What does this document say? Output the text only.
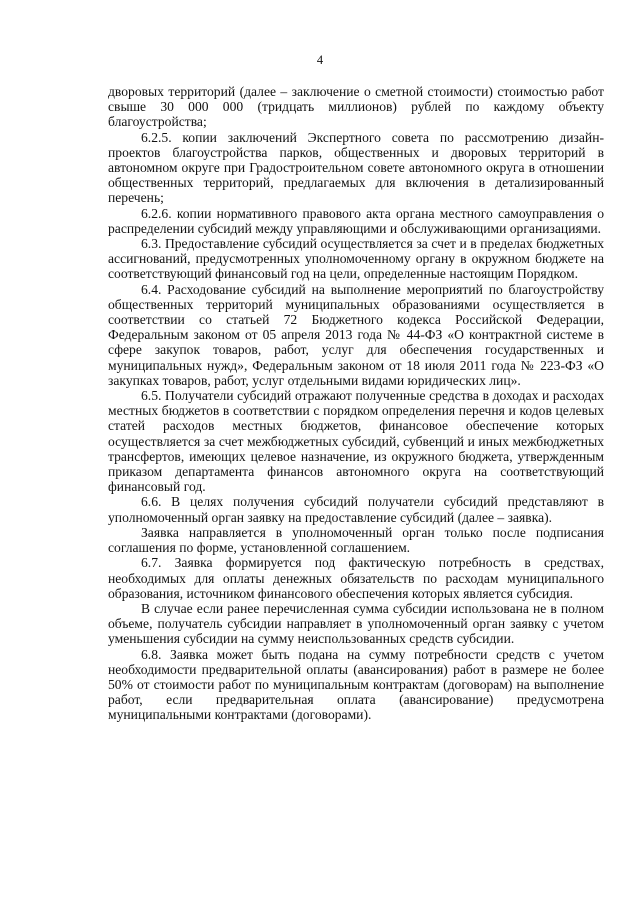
4

дворовых территорий (далее – заключение о сметной стоимости) стоимостью работ свыше 30 000 000 (тридцать миллионов) рублей по каждому объекту благоустройства;

6.2.5. копии заключений Экспертного совета по рассмотрению дизайн-проектов благоустройства парков, общественных и дворовых территорий в автономном округе при Градостроительном совете автономного округа в отношении общественных территорий, предлагаемых для включения в детализированный перечень;

6.2.6. копии нормативного правового акта органа местного самоуправления о распределении субсидий между управляющими и обслуживающими организациями.

6.3. Предоставление субсидий осуществляется за счет и в пределах бюджетных ассигнований, предусмотренных уполномоченному органу в окружном бюджете на соответствующий финансовый год на цели, определенные настоящим Порядком.

6.4. Расходование субсидий на выполнение мероприятий по благоустройству общественных территорий муниципальных образованиями осуществляется в соответствии со статьей 72 Бюджетного кодекса Российской Федерации, Федеральным законом от 05 апреля 2013 года № 44-ФЗ «О контрактной системе в сфере закупок товаров, работ, услуг для обеспечения государственных и муниципальных нужд», Федеральным законом от 18 июля 2011 года № 223-ФЗ «О закупках товаров, работ, услуг отдельными видами юридических лиц».

6.5. Получатели субсидий отражают полученные средства в доходах и расходах местных бюджетов в соответствии с порядком определения перечня и кодов целевых статей расходов местных бюджетов, финансовое обеспечение которых осуществляется за счет межбюджетных субсидий, субвенций и иных межбюджетных трансфертов, имеющих целевое назначение, из окружного бюджета, утвержденным приказом департамента финансов автономного округа на соответствующий финансовый год.

6.6. В целях получения субсидий получатели субсидий представляют в уполномоченный орган заявку на предоставление субсидий (далее – заявка).

Заявка направляется в уполномоченный орган только после подписания соглашения по форме, установленной соглашением.

6.7. Заявка формируется под фактическую потребность в средствах, необходимых для оплаты денежных обязательств по расходам муниципального образования, источником финансового обеспечения которых является субсидия.

В случае если ранее перечисленная сумма субсидии использована не в полном объеме, получатель субсидии направляет в уполномоченный орган заявку с учетом уменьшения субсидии на сумму неиспользованных средств субсидии.

6.8. Заявка может быть подана на сумму потребности средств с учетом необходимости предварительной оплаты (авансирования) работ в размере не более 50% от стоимости работ по муниципальным контрактам (договорам) на выполнение работ, если предварительная оплата (авансирование) предусмотрена муниципальными контрактами (договорами).
